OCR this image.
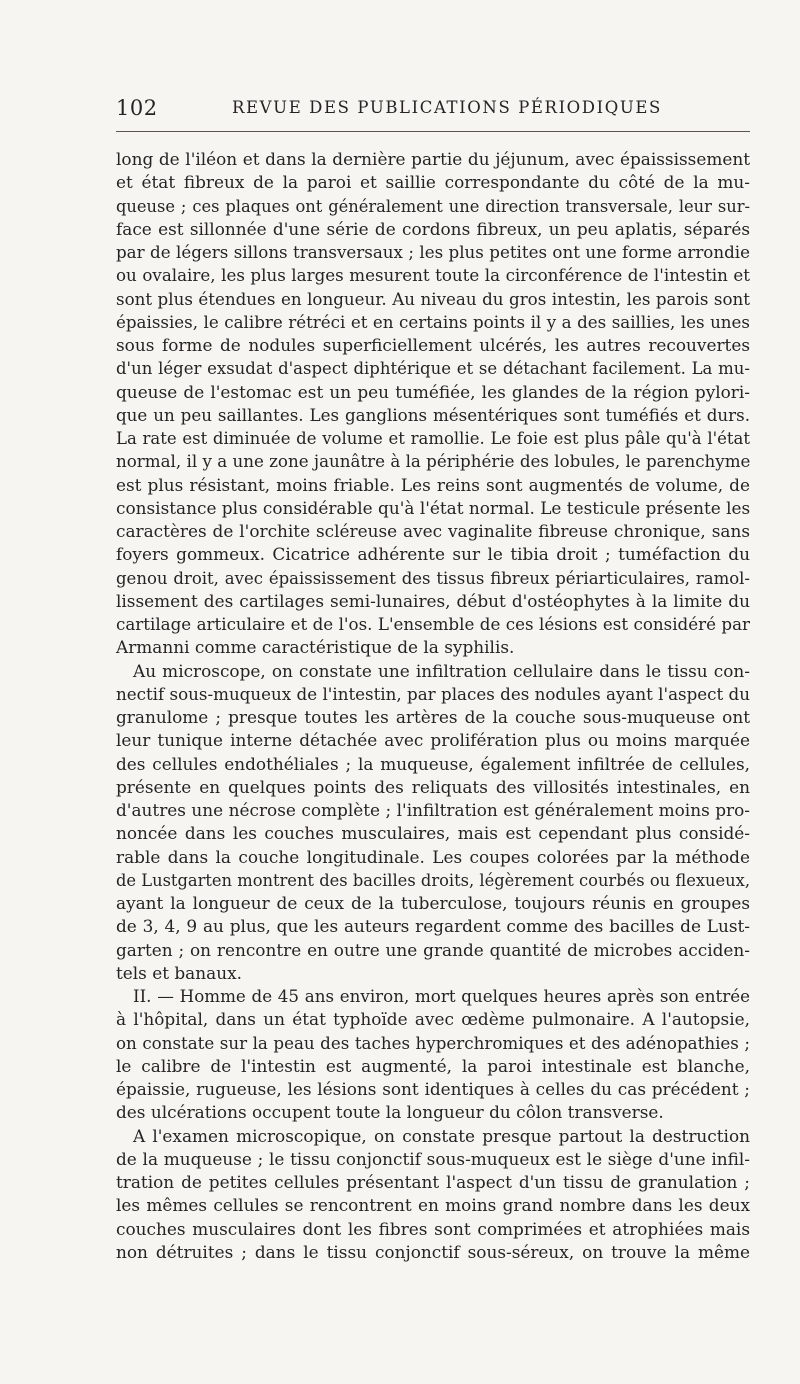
102	REVUE DES PUBLICATIONS PÉRIODIQUES
long de l'iléon et dans la dernière partie du jéjunum, avec épaississement
et état fibreux de la paroi et saillie correspondante du côté de la mu-
queuse ; ces plaques ont généralement une direction transversale, leur sur-
face est sillonnée d'une série de cordons fibreux, un peu aplatis, séparés
par de légers sillons transversaux ; les plus petites ont une forme arrondie
ou ovalaire, les plus larges mesurent toute la circonférence de l'intestin et
sont plus étendues en longueur. Au niveau du gros intestin, les parois sont
épaissies, le calibre rétréci et en certains points il y a des saillies, les unes
sous forme de nodules superficiellement ulcérés, les autres recouvertes
d'un léger exsudat d'aspect diphtérique et se détachant facilement. La mu-
queuse de l'estomac est un peu tuméfiée, les glandes de la région pylori-
que un peu saillantes. Les ganglions mésentériques sont tuméfiés et durs.
La rate est diminuée de volume et ramollie. Le foie est plus pâle qu'à l'état
normal, il y a une zone jaunâtre à la périphérie des lobules, le parenchyme
est plus résistant, moins friable. Les reins sont augmentés de volume, de
consistance plus considérable qu'à l'état normal. Le testicule présente les
caractères de l'orchite scléreuse avec vaginalite fibreuse chronique, sans
foyers gommeux. Cicatrice adhérente sur le tibia droit ; tuméfaction du
genou droit, avec épaississement des tissus fibreux périarticulaires, ramol-
lissement des cartilages semi-lunaires, début d'ostéophytes à la limite du
cartilage articulaire et de l'os. L'ensemble de ces lésions est considéré par
Armanni comme caractéristique de la syphilis.
Au microscope, on constate une infiltration cellulaire dans le tissu con-
nectif sous-muqueux de l'intestin, par places des nodules ayant l'aspect du
granulome ; presque toutes les artères de la couche sous-muqueuse ont
leur tunique interne détachée avec prolifération plus ou moins marquée
des cellules endothéliales ; la muqueuse, également infiltrée de cellules,
présente en quelques points des reliquats des villosités intestinales, en
d'autres une nécrose complète ; l'infiltration est généralement moins pro-
noncée dans les couches musculaires, mais est cependant plus considé-
rable dans la couche longitudinale. Les coupes colorées par la méthode
de Lustgarten montrent des bacilles droits, légèrement courbés ou flexueux,
ayant la longueur de ceux de la tuberculose, toujours réunis en groupes
de 3, 4, 9 au plus, que les auteurs regardent comme des bacilles de Lust-
garten ; on rencontre en outre une grande quantité de microbes acciden-
tels et banaux.
II. — Homme de 45 ans environ, mort quelques heures après son entrée
à l'hôpital, dans un état typhoïde avec œdème pulmonaire. A l'autopsie,
on constate sur la peau des taches hyperchromiques et des adénopathies ;
le calibre de l'intestin est augmenté, la paroi intestinale est blanche,
épaissie, rugueuse, les lésions sont identiques à celles du cas précédent ;
des ulcérations occupent toute la longueur du côlon transverse.
A l'examen microscopique, on constate presque partout la destruction
de la muqueuse ; le tissu conjonctif sous-muqueux est le siège d'une infil-
tration de petites cellules présentant l'aspect d'un tissu de granulation ;
les mêmes cellules se rencontrent en moins grand nombre dans les deux
couches musculaires dont les fibres sont comprimées et atrophiées mais
non détruites ; dans le tissu conjonctif sous-séreux, on trouve la même
